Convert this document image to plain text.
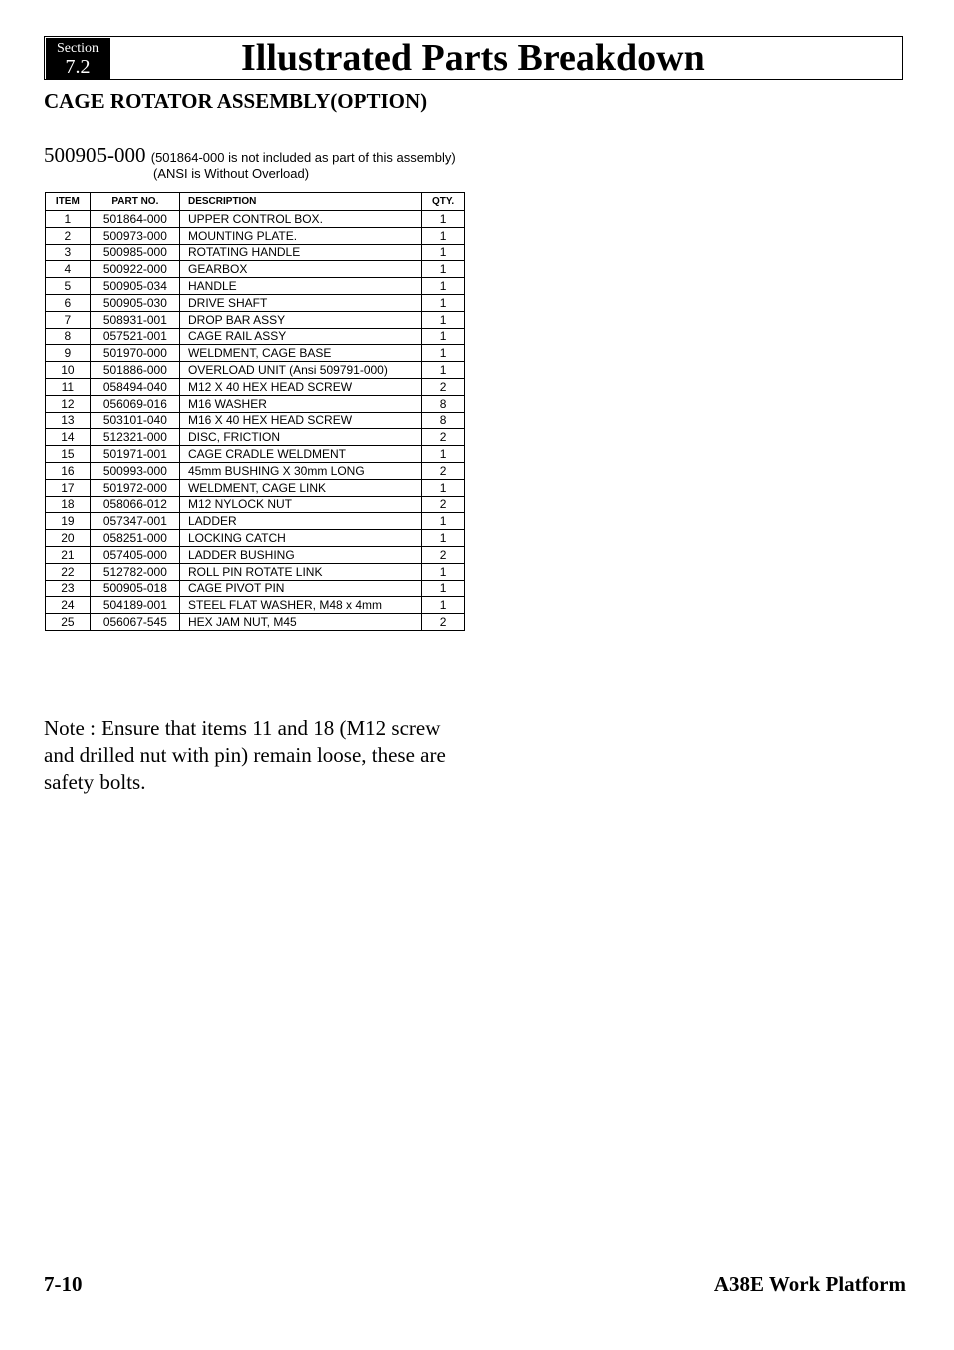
Section
7.2	Illustrated Parts Breakdown
CAGE ROTATOR ASSEMBLY(OPTION)
500905-000 (501864-000 is not included as part of this assembly)
(ANSI is Without Overload)
ITEM	PART NO.	DESCRIPTION	QTY.
1	501864-000	UPPER CONTROL BOX.	1
2	500973-000	MOUNTING PLATE.	1
3	500985-000	ROTATING HANDLE	1
4	500922-000	GEARBOX	1
5	500905-034	HANDLE	1
6	500905-030	DRIVE SHAFT	1
7	508931-001	DROP BAR ASSY	1
8	057521-001	CAGE RAIL ASSY	1
9	501970-000	WELDMENT, CAGE BASE	1
10	501886-000	OVERLOAD UNIT (Ansi 509791-000)	1
11	058494-040	M12 X 40 HEX HEAD SCREW	2
12	056069-016	M16 WASHER	8
13	503101-040	M16 X 40 HEX HEAD SCREW	8
14	512321-000	DISC, FRICTION	2
15	501971-001	CAGE CRADLE WELDMENT	1
16	500993-000	45mm BUSHING X 30mm LONG	2
17	501972-000	WELDMENT, CAGE LINK	1
18	058066-012	M12 NYLOCK NUT	2
19	057347-001	LADDER	1
20	058251-000	LOCKING CATCH	1
21	057405-000	LADDER BUSHING	2
22	512782-000	ROLL PIN ROTATE LINK	1
23	500905-018	CAGE PIVOT PIN	1
24	504189-001	STEEL FLAT WASHER, M48 x 4mm	1
25	056067-545	HEX JAM NUT, M45	2
Note : Ensure that items 11 and 18 (M12 screw and drilled nut with pin) remain loose, these are safety bolts.
7-10	A38E Work Platform
